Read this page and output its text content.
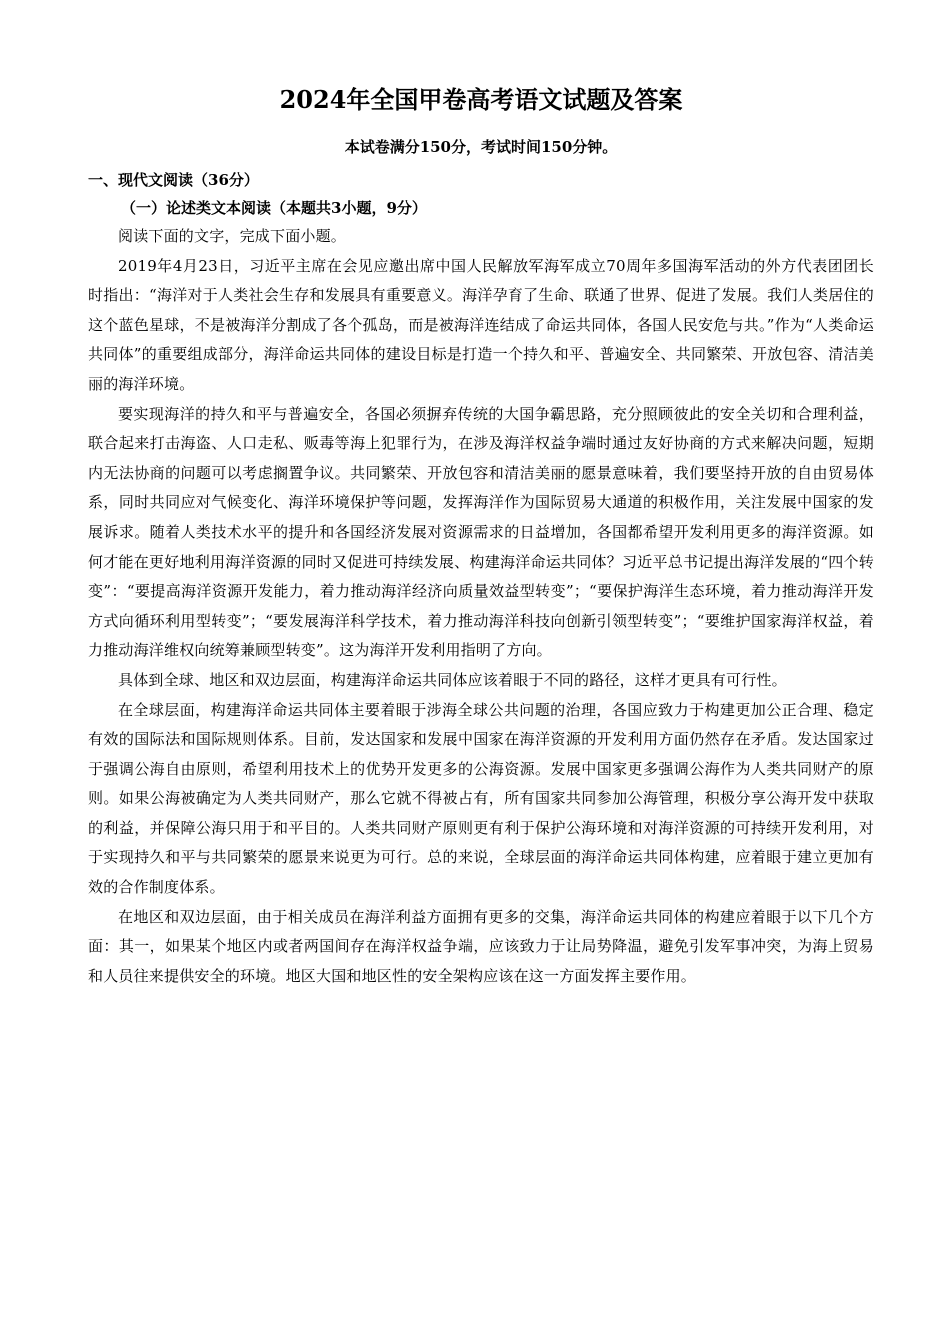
2024年全国甲卷高考语文试题及答案

本试卷满分150分，考试时间150分钟。

一、现代文阅读（36分）

（一）论述类文本阅读（本题共3小题，9分）

阅读下面的文字，完成下面小题。

2019年4月23日，习近平主席在会见应邀出席中国人民解放军海军成立70周年多国海军活动的外方代表团团长时指出：“海洋对于人类社会生存和发展具有重要意义。海洋孕育了生命、联通了世界、促进了发展。我们人类居住的这个蓝色星球，不是被海洋分割成了各个孤岛，而是被海洋连结成了命运共同体，各国人民安危与共。”作为“人类命运共同体”的重要组成部分，海洋命运共同体的建设目标是打造一个持久和平、普遍安全、共同繁荣、开放包容、清洁美丽的海洋环境。

要实现海洋的持久和平与普遍安全，各国必须摒弃传统的大国争霸思路，充分照顾彼此的安全关切和合理利益，联合起来打击海盗、人口走私、贩毒等海上犯罪行为，在涉及海洋权益争端时通过友好协商的方式来解决问题，短期内无法协商的问题可以考虑搁置争议。共同繁荣、开放包容和清洁美丽的愿景意味着，我们要坚持开放的自由贸易体系，同时共同应对气候变化、海洋环境保护等问题，发挥海洋作为国际贸易大通道的积极作用，关注发展中国家的发展诉求。随着人类技术水平的提升和各国经济发展对资源需求的日益增加，各国都希望开发利用更多的海洋资源。如何才能在更好地利用海洋资源的同时又促进可持续发展、构建海洋命运共同体？习近平总书记提出海洋发展的“四个转变”：“要提高海洋资源开发能力，着力推动海洋经济向质量效益型转变”；“要保护海洋生态环境，着力推动海洋开发方式向循环利用型转变”；“要发展海洋科学技术，着力推动海洋科技向创新引领型转变”；“要维护国家海洋权益，着力推动海洋维权向统筹兼顾型转变”。这为海洋开发利用指明了方向。

具体到全球、地区和双边层面，构建海洋命运共同体应该着眼于不同的路径，这样才更具有可行性。

在全球层面，构建海洋命运共同体主要着眼于涉海全球公共问题的治理，各国应致力于构建更加公正合理、稳定有效的国际法和国际规则体系。目前，发达国家和发展中国家在海洋资源的开发利用方面仍然存在矛盾。发达国家过于强调公海自由原则，希望利用技术上的优势开发更多的公海资源。发展中国家更多强调公海作为人类共同财产的原则。如果公海被确定为人类共同财产，那么它就不得被占有，所有国家共同参加公海管理，积极分享公海开发中获取的利益，并保障公海只用于和平目的。人类共同财产原则更有利于保护公海环境和对海洋资源的可持续开发利用，对于实现持久和平与共同繁荣的愿景来说更为可行。总的来说，全球层面的海洋命运共同体构建，应着眼于建立更加有效的合作制度体系。

在地区和双边层面，由于相关成员在海洋利益方面拥有更多的交集，海洋命运共同体的构建应着眼于以下几个方面：其一，如果某个地区内或者两国间存在海洋权益争端，应该致力于让局势降温，避免引发军事冲突，为海上贸易和人员往来提供安全的环境。地区大国和地区性的安全架构应该在这一方面发挥主要作用。
